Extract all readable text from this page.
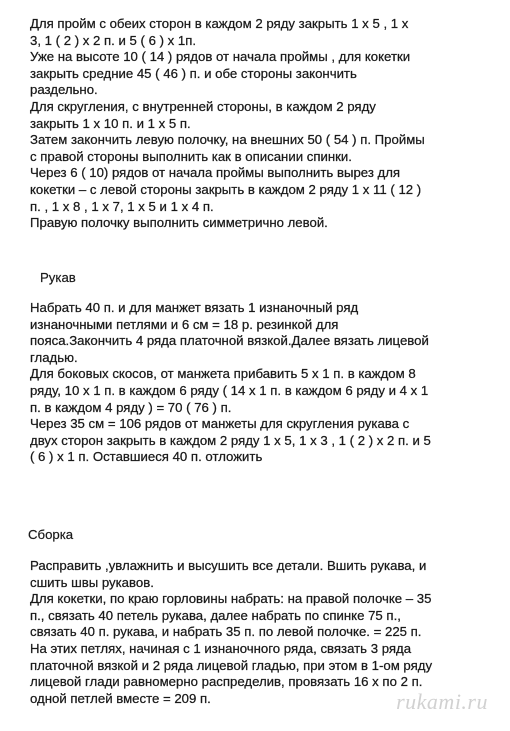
Для пройм с обеих сторон в каждом 2 ряду закрыть 1 х 5 , 1 х
3, 1 ( 2 ) х 2 п. и 5 ( 6 ) х 1п.
Уже на высоте 10 ( 14 ) рядов от начала проймы , для кокетки
закрыть средние 45 ( 46 ) п. и обе стороны закончить
раздельно.
Для скругления, с внутренней стороны, в каждом 2 ряду
закрыть 1 х 10 п. и 1 х 5 п.
Затем закончить левую полочку, на внешних 50 ( 54 ) п. Проймы
с правой стороны выполнить как в описании спинки.
Через 6 ( 10) рядов от начала проймы выполнить вырез для
кокетки – с левой стороны закрыть в каждом 2 ряду 1 х 11 ( 12 )
п. , 1 х 8 , 1 х 7, 1 х 5 и 1 х 4 п.
Правую полочку выполнить симметрично левой.
Рукав
Набрать 40 п. и для манжет вязать 1 изнаночный ряд
изнаночными петлями и 6 см = 18 р. резинкой для
пояса.Закончить 4 ряда платочной вязкой.Далее вязать лицевой
гладью.
Для боковых скосов, от манжета прибавить 5 х 1 п. в каждом 8
ряду, 10 х 1 п. в каждом 6 ряду ( 14 х 1 п. в каждом 6 ряду и 4 х 1
п. в каждом 4 ряду ) = 70 ( 76 ) п.
Через 35 см = 106 рядов от манжеты для скругления рукава с
двух сторон закрыть в каждом 2 ряду 1 х 5, 1 х 3 , 1 ( 2 ) х 2 п. и 5
( 6 ) х 1 п. Оставшиеся 40 п. отложить
Сборка
Расправить ,увлажнить и высушить все детали. Вшить рукава, и
сшить швы рукавов.
Для кокетки, по краю горловины набрать: на правой полочке – 35
п., связать 40 петель рукава, далее набрать по спинке 75 п.,
связать 40 п. рукава, и набрать 35 п. по левой полочке. = 225 п.
На этих петлях, начиная с 1 изнаночного ряда, связать 3 ряда
платочной вязкой и 2 ряда лицевой гладью, при этом в 1-ом ряду
лицевой глади равномерно распределив, провязать 16 х по 2 п.
одной петлей вместе = 209 п.	rukami.ru
